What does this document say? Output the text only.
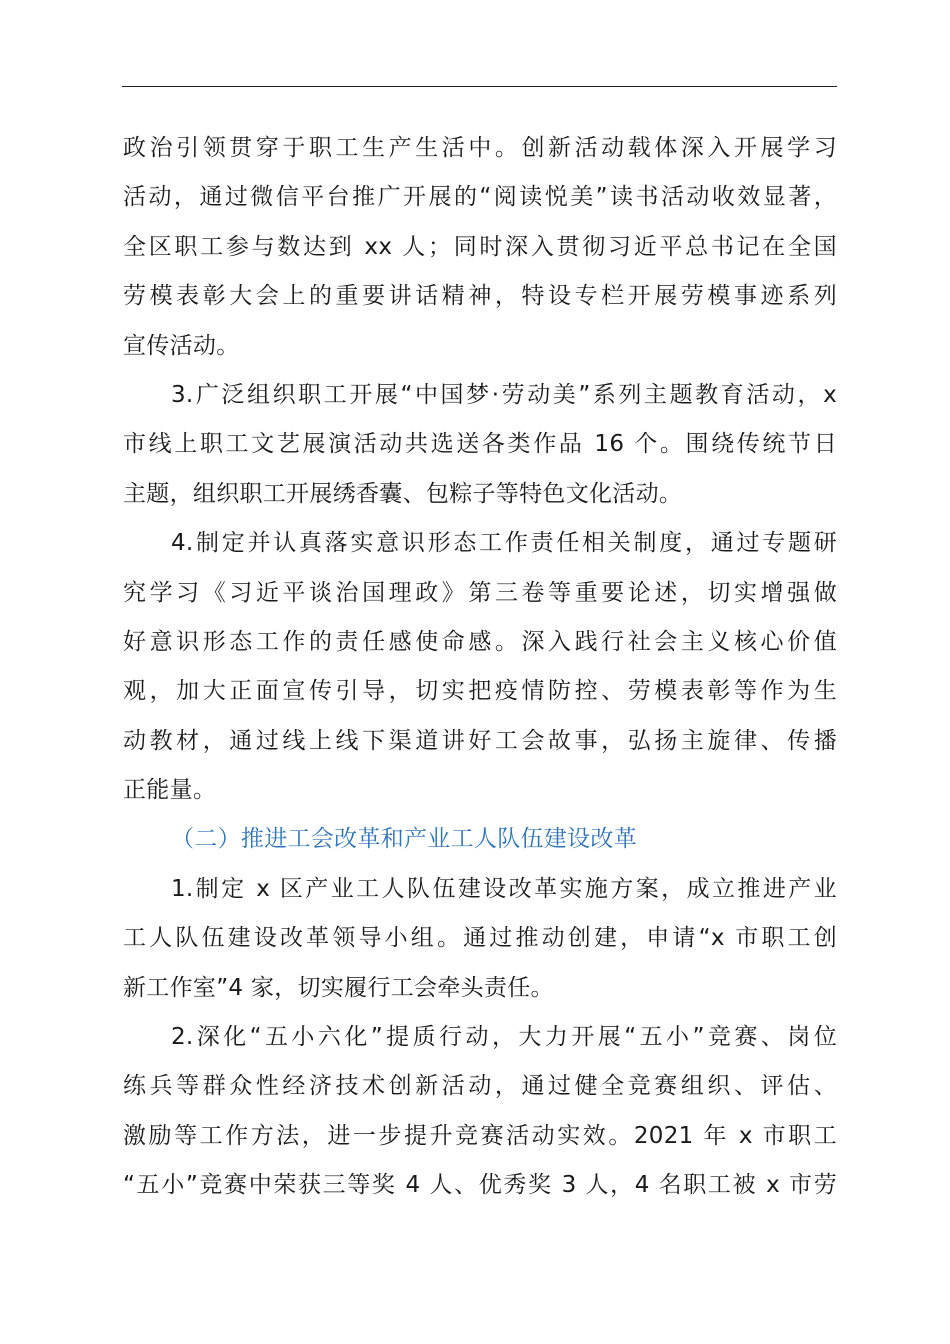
政治引领贯穿于职工生产生活中。创新活动载体深入开展学习
活动，通过微信平台推广开展的“阅读悦美”读书活动收效显著，
全区职工参与数达到 xx 人；同时深入贯彻习近平总书记在全国
劳模表彰大会上的重要讲话精神，特设专栏开展劳模事迹系列
宣传活动。
3.广泛组织职工开展“中国梦·劳动美”系列主题教育活动，x
市线上职工文艺展演活动共选送各类作品 16 个。围绕传统节日
主题，组织职工开展绣香囊、包粽子等特色文化活动。
4.制定并认真落实意识形态工作责任相关制度，通过专题研
究学习《习近平谈治国理政》第三卷等重要论述，切实增强做
好意识形态工作的责任感使命感。深入践行社会主义核心价值
观，加大正面宣传引导，切实把疫情防控、劳模表彰等作为生
动教材，通过线上线下渠道讲好工会故事，弘扬主旋律、传播
正能量。
（二）推进工会改革和产业工人队伍建设改革
1.制定 x 区产业工人队伍建设改革实施方案，成立推进产业
工人队伍建设改革领导小组。通过推动创建，申请“x 市职工创
新工作室”4 家，切实履行工会牵头责任。
2.深化“五小六化”提质行动，大力开展“五小”竞赛、岗位
练兵等群众性经济技术创新活动，通过健全竞赛组织、评估、
激励等工作方法，进一步提升竞赛活动实效。2021 年 x 市职工
“五小”竞赛中荣获三等奖 4 人、优秀奖 3 人，4 名职工被 x 市劳
